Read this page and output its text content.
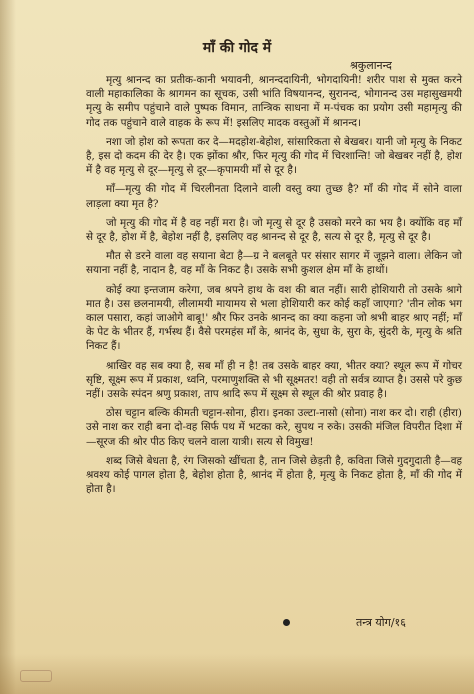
माँ की गोद में
श्रकुलानन्द

मृत्यु श्रानन्द का प्रतीक-कानी भयावनी, श्रानन्ददायिनी, भोगदायिनी! शरीर पाश से मुक्त करने वाली महाकालिका के श्रागमन का सूचक, उसी भांति विषयानन्द, सुरानन्द, भोगानन्द उस महासुखमयी मृत्यु के समीप पहुंचाने वाले पुष्पक विमान, तान्त्रिक साधना में म-पंचक का प्रयोग उसी महामृत्यु की गोद तक पहुंचाने वाले वाहक के रूप में! इसलिए मादक वस्तुओं में श्रानन्द।

नशा जो होश को रूपता कर दे—मदहोश-बेहोश, सांसारिकता से बेखबर। यानी जो मृत्यु के निकट है, इस दो कदम की देर है। एक झोंका श्रौर, फिर मृत्यु की गोद में चिरशान्ति! जो बेखबर नहीं है, होश में है वह मृत्यु से दूर—मृत्यु से दूर—कृपामयी माँ से दूर है।

माँ—मृत्यु की गोद में चिरलीनता दिलाने वाली वस्तु क्या तुच्छ है? माँ की गोद में सोने वाला लाड़ला क्या मृत है?

जो मृत्यु की गोद में है वह नहीं मरा है। जो मृत्यु से दूर है उसको मरने का भय है। क्योंकि वह माँ से दूर है, होश में है, बेहोश नहीं है, इसलिए वह श्रानन्द से दूर है, सत्य से दूर है, मृत्यु से दूर है।

मौत से डरने वाला वह सयाना बेटा है—ग्र ने बलबूते पर संसार सागर में जूझने वाला। लेकिन जो सयाना नहीं है, नादान है, वह माँ के निकट है। उसके सभी कुशल क्षेम माँ के हाथों।

कोई क्या इन्तजाम करेगा, जब श्रपने हाथ के वश की बात नहीं। सारी होशियारी तो उसके श्रागे मात है। उस छलनामयी, लीलामयी मायामय से भला होशियारी कर कोई कहाँ जाएगा? 'तीन लोक भग काल पसारा, कहां जाओगे बाबू!' श्रौर फिर उनके श्रानन्द का क्या कहना जो श्रभी बाहर श्राए नहीं; माँ के पेट के भीतर हैं, गर्भस्थ हैं। वैसे परमहंस माँ के, श्रानंद के, सुधा के, सुरा के, सुंदरी के, मृत्यु के श्रति निकट हैं।

श्राखिर वह सब क्या है, सब माँ ही न है! तब उसके बाहर क्या, भीतर क्या? स्थूल रूप में गोचर सृष्टि, सूक्ष्म रूप में प्रकाश, ध्वनि, परमाणुशक्ति से भी सूक्ष्मतर! वही तो सर्वत्र व्याप्त है। उससे परे कुछ नहीं। उसके स्पंदन श्रणु प्रकाश, ताप श्रादि रूप में सूक्ष्म से स्थूल की श्रोर प्रवाह है।

ठोस चट्टान बल्कि कीमती चट्टान-सोना, हीरा। इनका उल्टा-नासो (सोना) नाश कर दो। राही (हीरा) उसे नाश कर राही बना दो-वह सिर्फ पथ में भटका करे, सुपथ न रुके। उसकी मंजिल विपरीत दिशा में—सूरज की श्रोर पीठ किए चलने वाला यात्री। सत्य से विमुख!

शब्द जिसे बेधता है, रंग जिसको खींचता है, तान जिसे छेड़ती है, कविता जिसे गुदगुदाती है—वह श्रवश्य कोई पागल होता है, बेहोश होता है, श्रानंद में होता है, मृत्यु के निकट होता है, माँ की गोद में होता है।

तन्त्र योग/१६
